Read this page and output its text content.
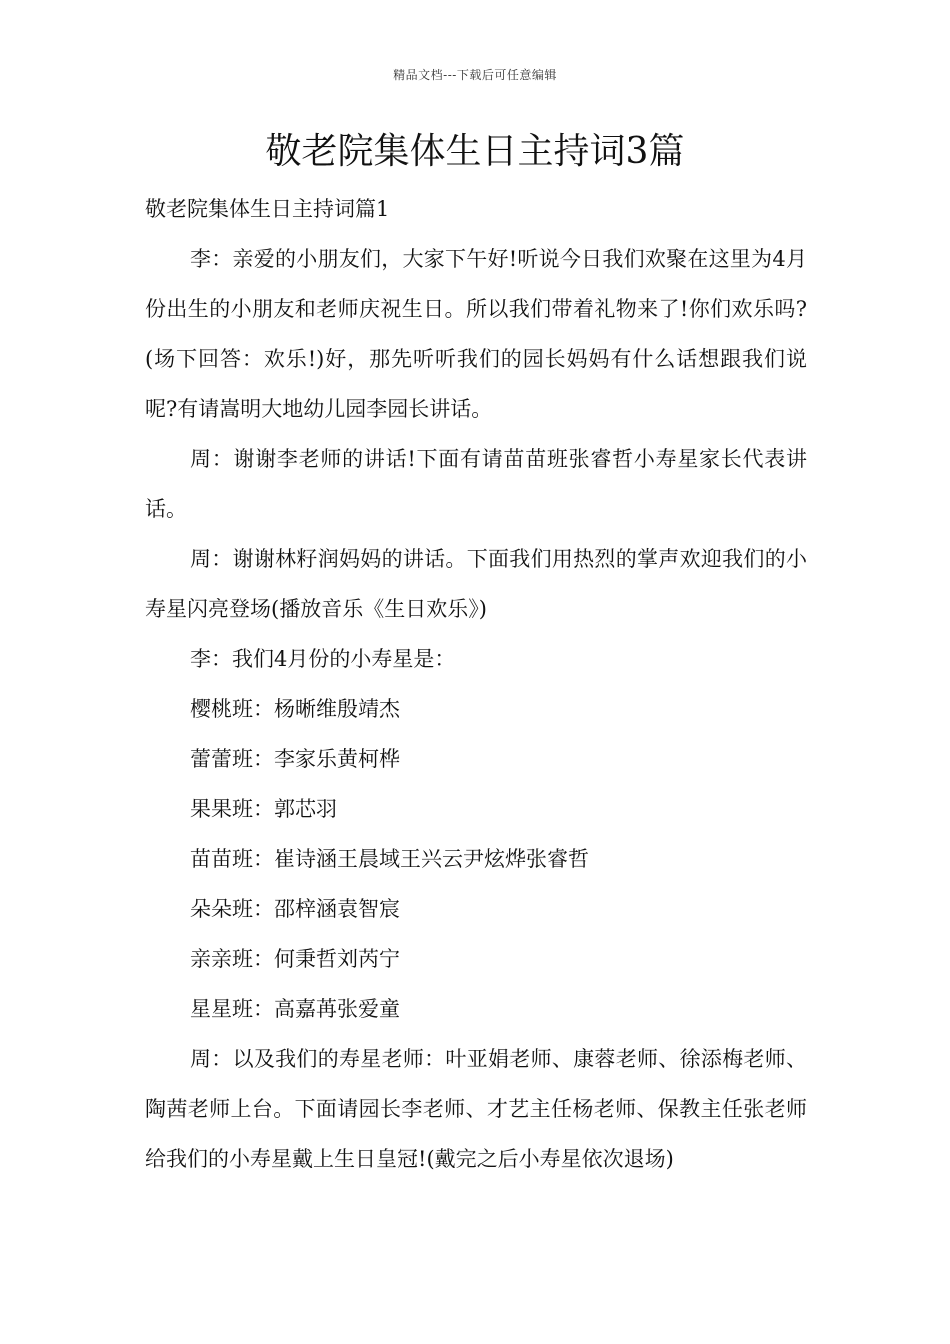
精品文档---下载后可任意编辑
敬老院集体生日主持词3篇

敬老院集体生日主持词篇1

李：亲爱的小朋友们，大家下午好!听说今日我们欢聚在这里为4月份出生的小朋友和老师庆祝生日。所以我们带着礼物来了!你们欢乐吗?(场下回答：欢乐!)好，那先听听我们的园长妈妈有什么话想跟我们说呢?有请嵩明大地幼儿园李园长讲话。

周：谢谢李老师的讲话!下面有请苗苗班张睿哲小寿星家长代表讲话。

周：谢谢林籽润妈妈的讲话。下面我们用热烈的掌声欢迎我们的小寿星闪亮登场(播放音乐《生日欢乐》)

李：我们4月份的小寿星是：

樱桃班：杨晰维殷靖杰

蕾蕾班：李家乐黄柯桦

果果班：郭芯羽

苗苗班：崔诗涵王晨域王兴云尹炫烨张睿哲

朵朵班：邵梓涵袁智宸

亲亲班：何秉哲刘芮宁

星星班：高嘉苒张爱童

周：以及我们的寿星老师：叶亚娟老师、康蓉老师、徐添梅老师、陶茜老师上台。下面请园长李老师、才艺主任杨老师、保教主任张老师给我们的小寿星戴上生日皇冠!(戴完之后小寿星依次退场)
